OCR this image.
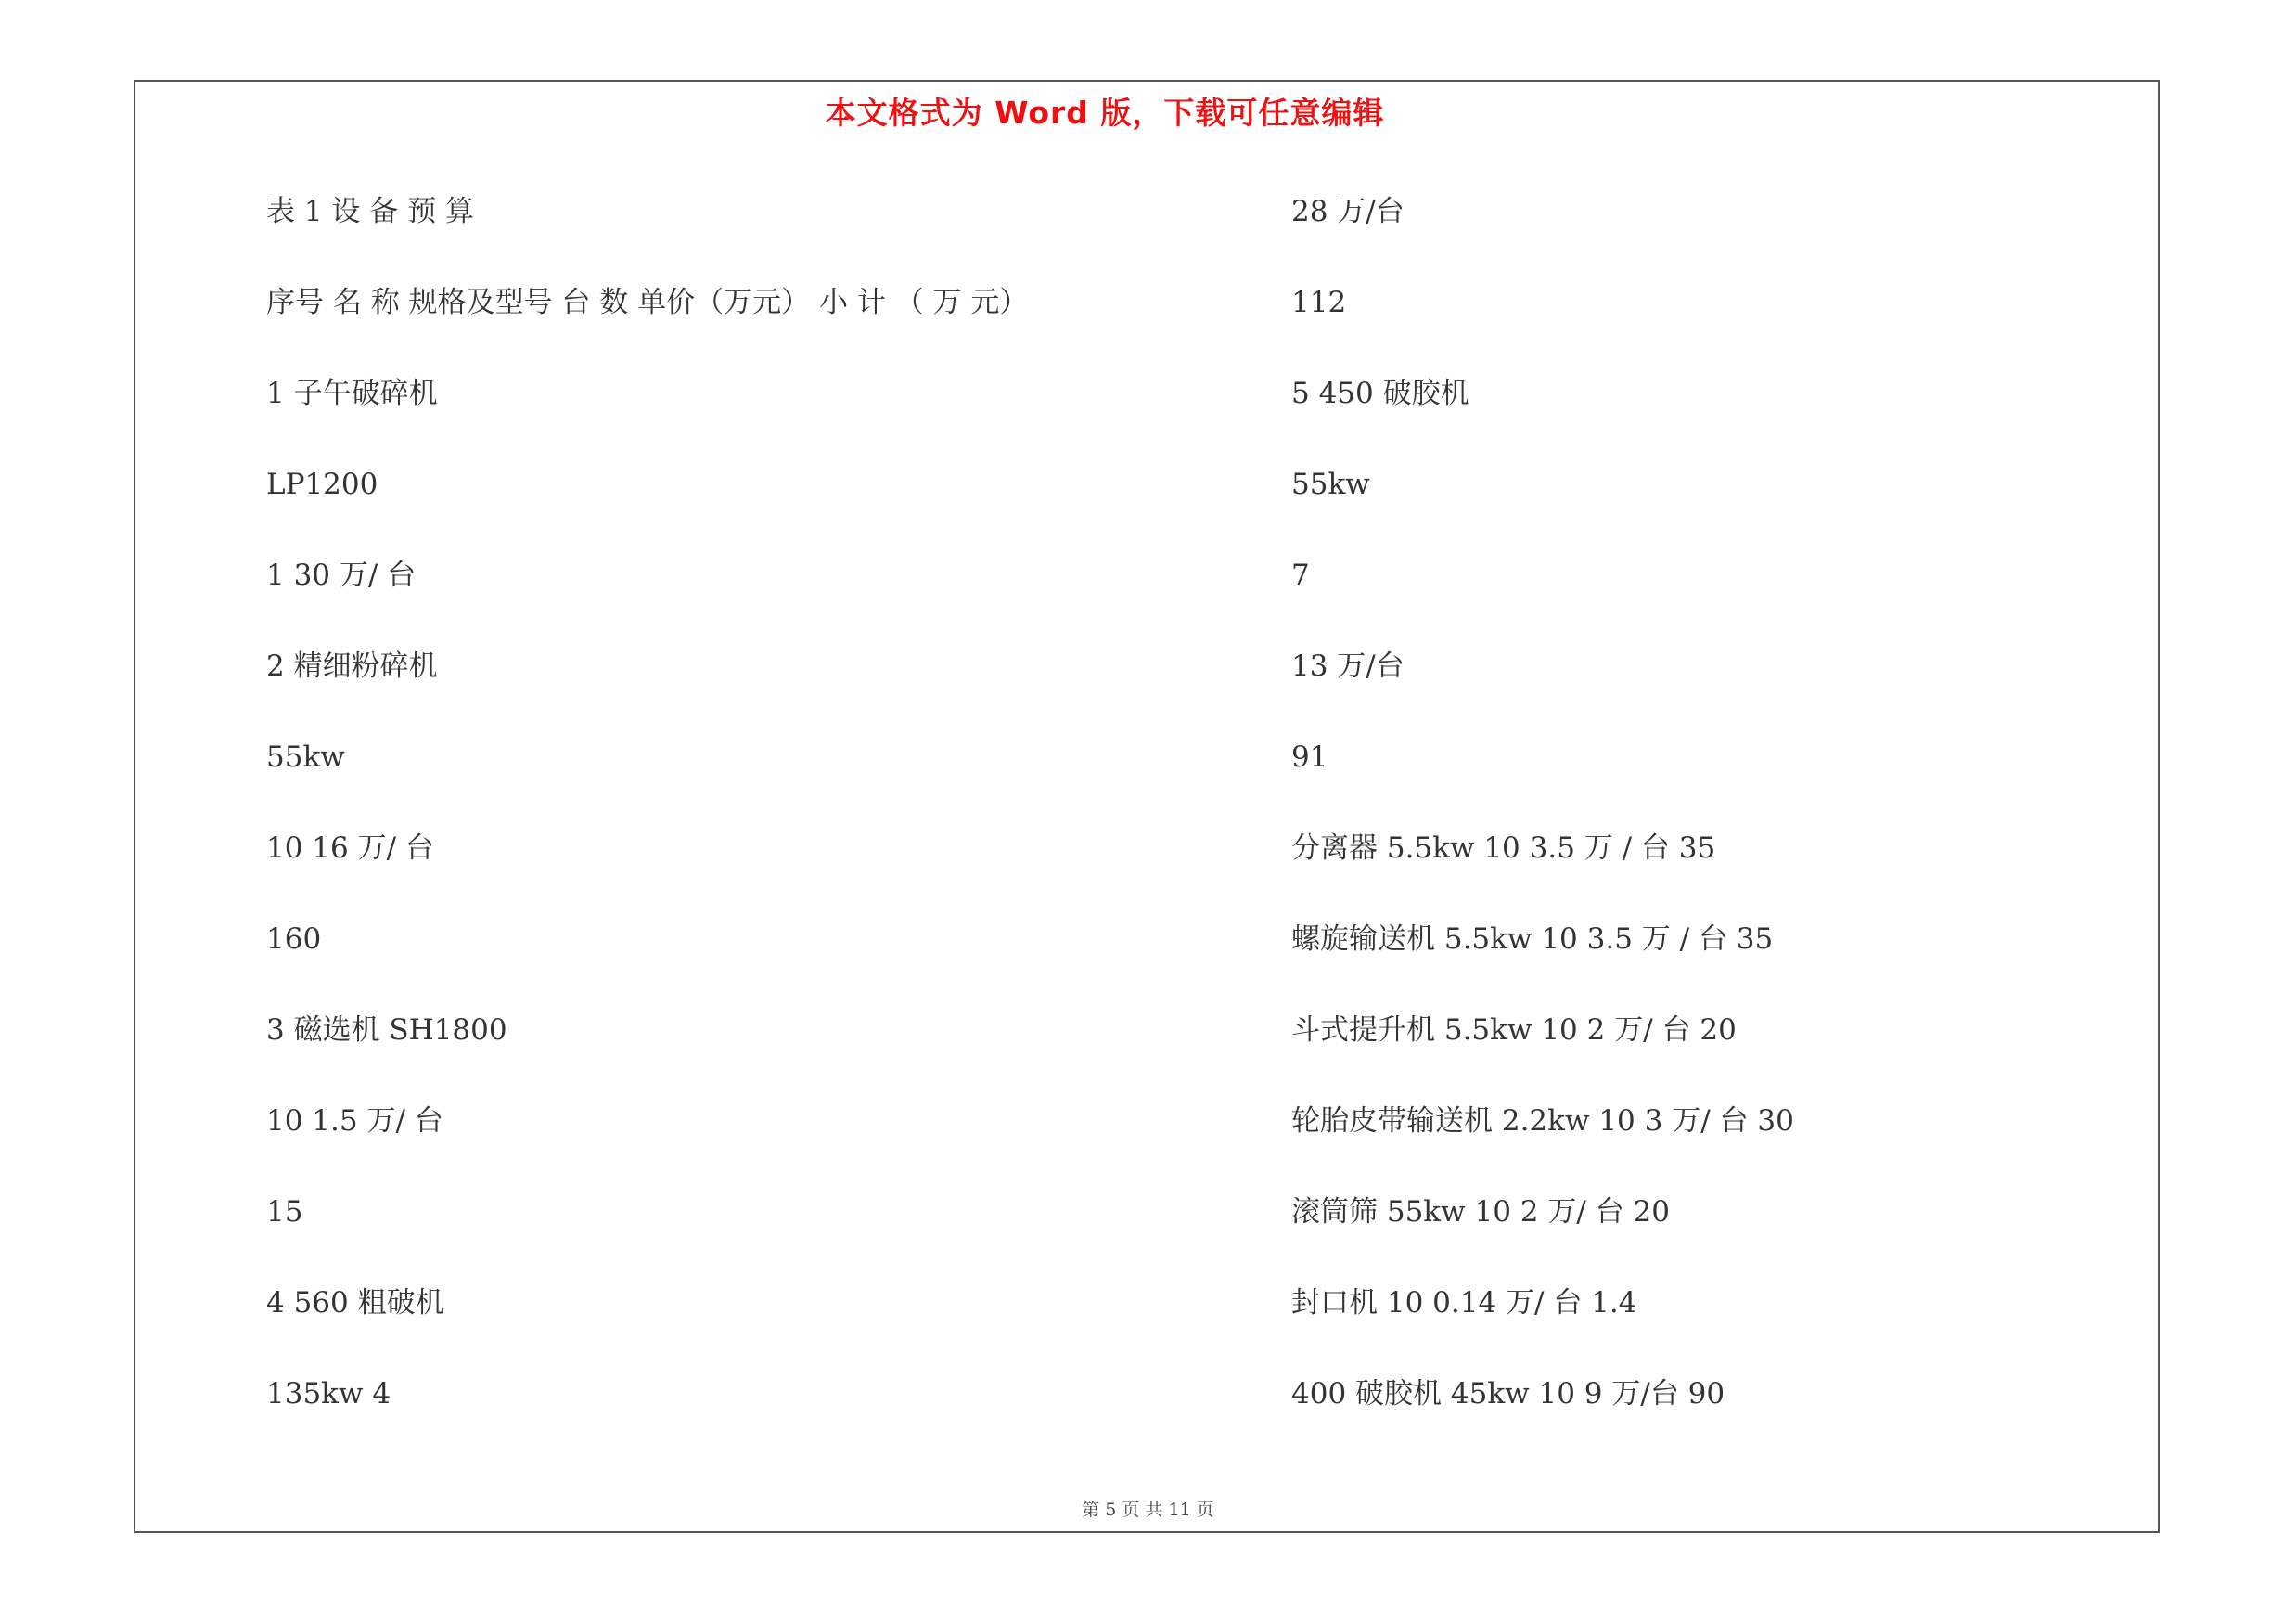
本文格式为 Word 版，下载可任意编辑
表 1 设 备 预 算
序号 名 称 规格及型号 台 数 单价（万元） 小 计 （ 万 元）
1 子午破碎机
LP1200
1 30 万/ 台
2 精细粉碎机
55kw
10 16 万/ 台
160
3 磁选机 SH1800
10 1.5 万/ 台
15
4 560 粗破机
135kw 4
28 万/台
112
5 450 破胶机
55kw
7
13 万/台
91
分离器 5.5kw 10 3.5 万 / 台 35
螺旋输送机 5.5kw 10 3.5 万 / 台 35
斗式提升机 5.5kw 10 2 万/ 台 20
轮胎皮带输送机 2.2kw 10 3 万/ 台 30
滚筒筛 55kw 10 2 万/ 台 20
封口机 10 0.14 万/ 台 1.4
400 破胶机 45kw 10 9 万/台 90
第 5 页 共 11 页
